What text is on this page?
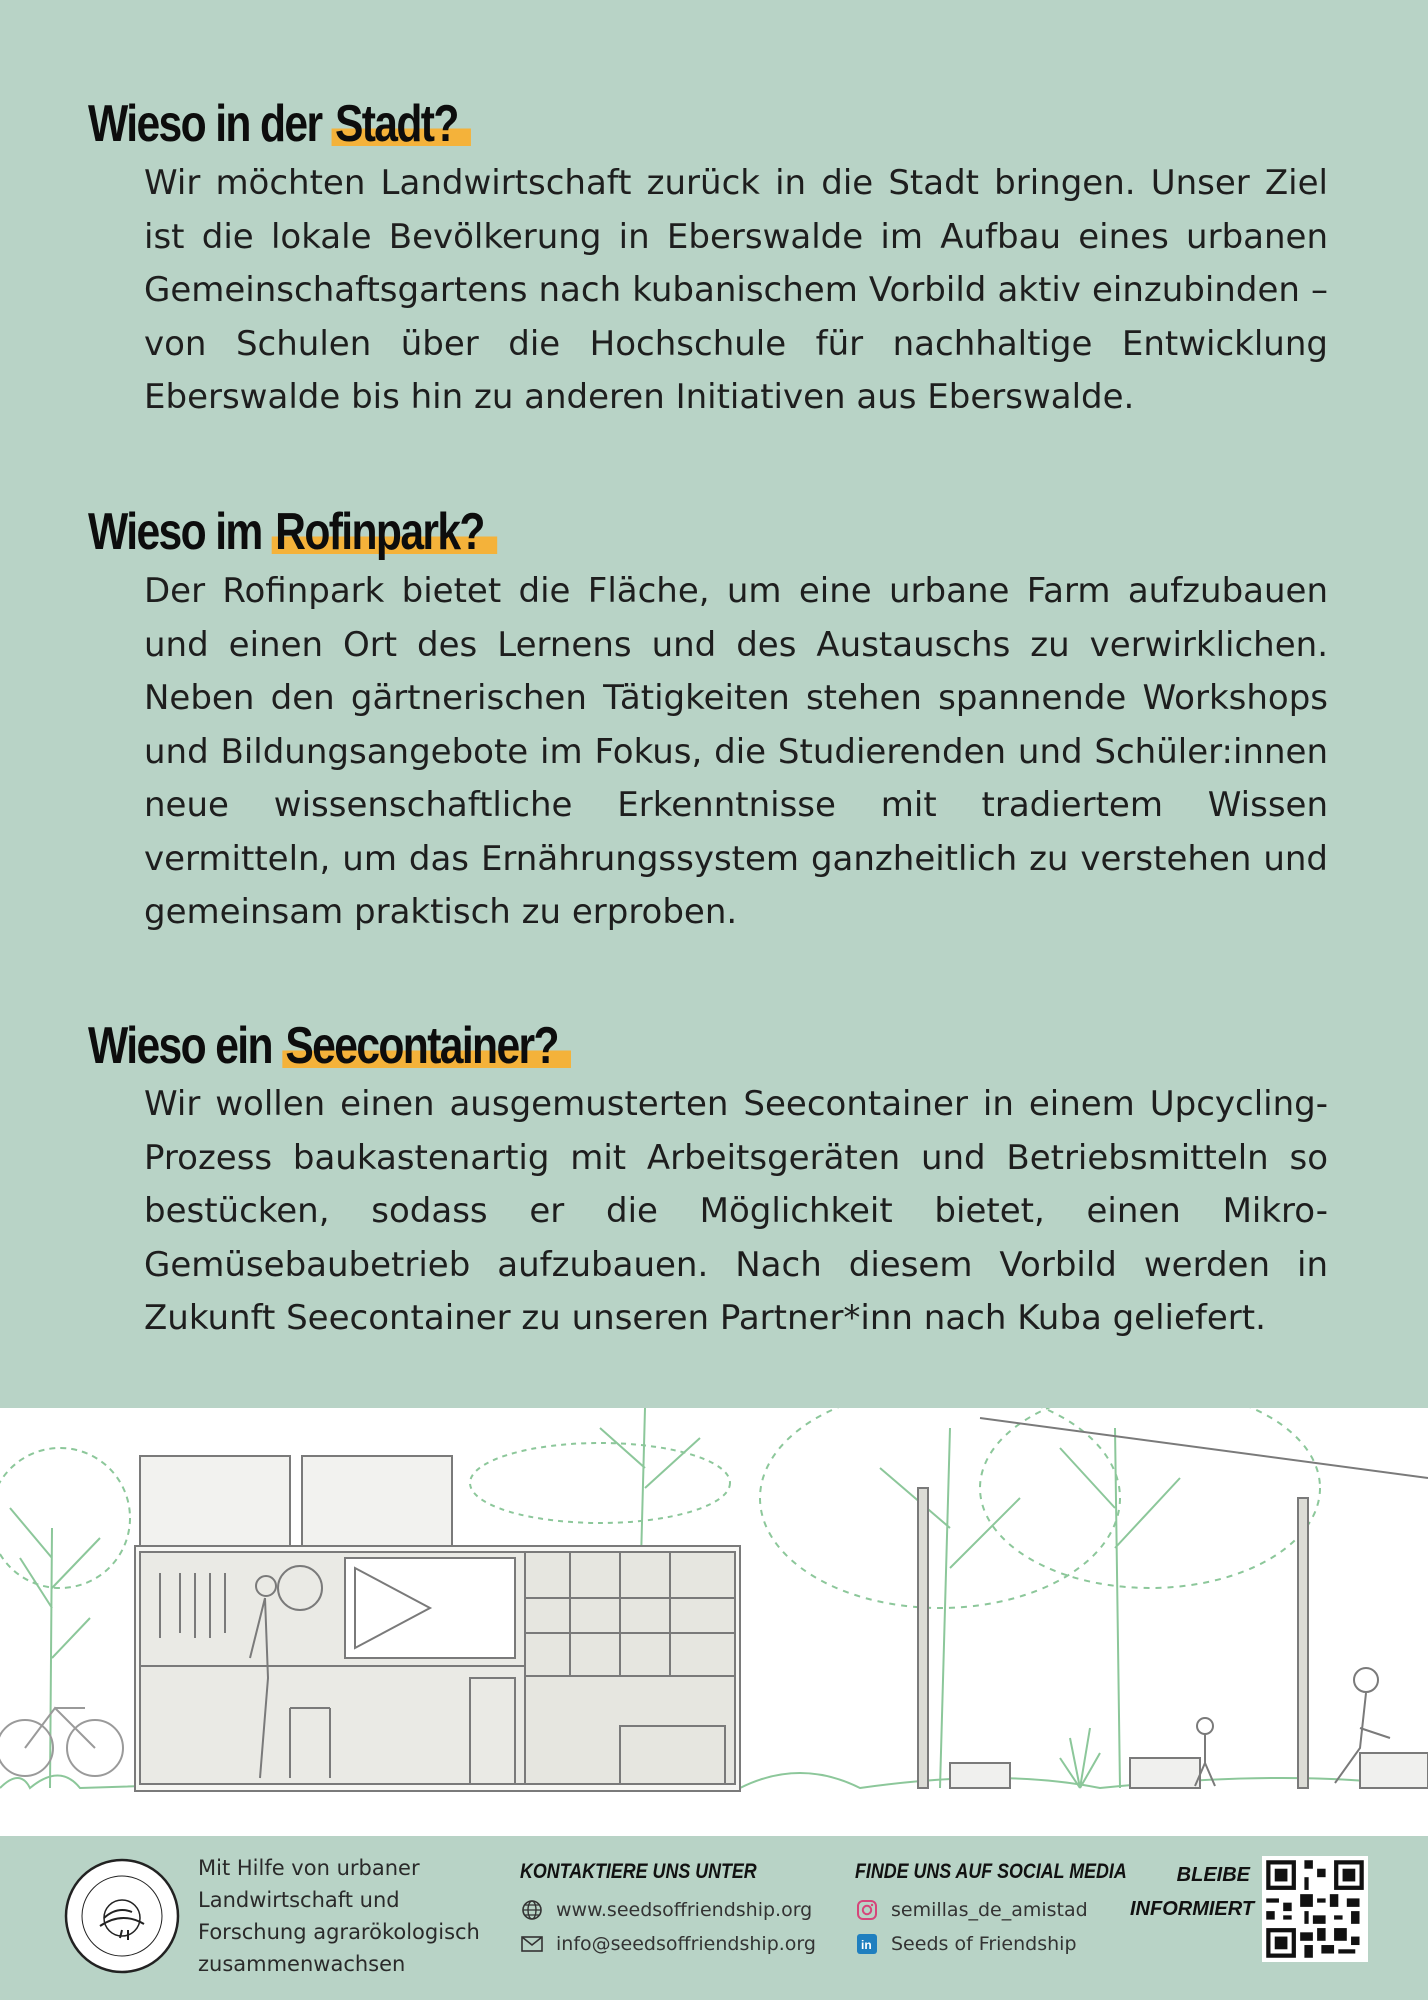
Wieso in der Stadt?

Wir möchten Landwirtschaft zurück in die Stadt bringen. Unser Ziel ist die lokale Bevölkerung in Eberswalde im Aufbau eines urbanen Gemeinschaftsgartens nach kubanischem Vorbild aktiv einzubinden – von Schulen über die Hochschule für nachhaltige Entwicklung Eberswalde bis hin zu anderen Initiativen aus Eberswalde.

Wieso im Rofinpark?

Der Rofinpark bietet die Fläche, um eine urbane Farm aufzubauen und einen Ort des Lernens und des Austauschs zu verwirklichen. Neben den gärtnerischen Tätigkeiten stehen spannende Workshops und Bildungsangebote im Fokus, die Studierenden und Schüler:innen neue wissenschaftliche Erkenntnisse mit tradiertem Wissen vermitteln, um das Ernährungssystem ganzheitlich zu verstehen und gemeinsam praktisch zu erproben.

Wieso ein Seecontainer?

Wir wollen einen ausgemusterten Seecontainer in einem Upcycling-Prozess baukastenartig mit Arbeitsgeräten und Betriebsmitteln so bestücken, sodass er die Möglichkeit bietet, einen Mikro-Gemüsebaubetrieb aufzubauen. Nach diesem Vorbild werden in Zukunft Seecontainer zu unseren Partner*inn nach Kuba geliefert.

Mit Hilfe von urbaner Landwirtschaft und Forschung agrarökologisch zusammenwachsen
KONTAKTIERE UNS UNTER
www.seedsoffriendship.org
info@seedsoffriendship.org
FINDE UNS AUF SOCIAL MEDIA
semillas_de_amistad
in Seeds of Friendship
BLEIBE
INFORMIERT
